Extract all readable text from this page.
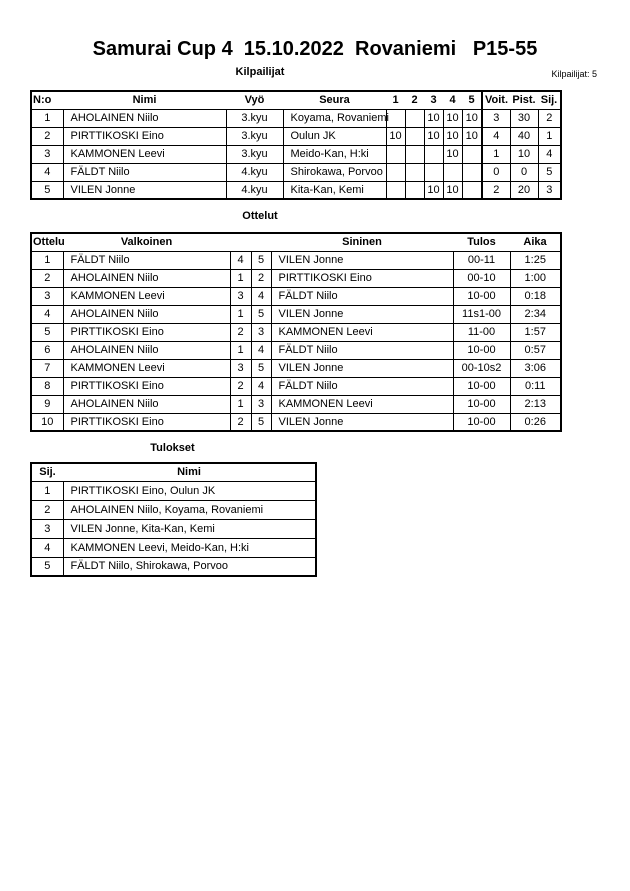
Samurai Cup 4  15.10.2022  Rovaniemi   P15-55
Kilpailijat	Kilpailijat: 5
N:o	Nimi	Vyö	Seura	1	2	3	4	5	Voit.	Pist.	Sij.
1	AHOLAINEN Niilo	3.kyu	Koyama, Rovaniemi			10	10	10	3	30	2
2	PIRTTIKOSKI Eino	3.kyu	Oulun JK	10		10	10	10	4	40	1
3	KAMMONEN Leevi	3.kyu	Meido-Kan, H:ki				10		1	10	4
4	FÄLDT Niilo	4.kyu	Shirokawa, Porvoo						0	0	5
5	VILEN Jonne	4.kyu	Kita-Kan, Kemi			10	10		2	20	3
Ottelut
Ottelu	Valkoinen			Sininen	Tulos	Aika
1	FÄLDT Niilo	4	5	VILEN Jonne	00-11	1:25
2	AHOLAINEN Niilo	1	2	PIRTTIKOSKI Eino	00-10	1:00
3	KAMMONEN Leevi	3	4	FÄLDT Niilo	10-00	0:18
4	AHOLAINEN Niilo	1	5	VILEN Jonne	11s1-00	2:34
5	PIRTTIKOSKI Eino	2	3	KAMMONEN Leevi	11-00	1:57
6	AHOLAINEN Niilo	1	4	FÄLDT Niilo	10-00	0:57
7	KAMMONEN Leevi	3	5	VILEN Jonne	00-10s2	3:06
8	PIRTTIKOSKI Eino	2	4	FÄLDT Niilo	10-00	0:11
9	AHOLAINEN Niilo	1	3	KAMMONEN Leevi	10-00	2:13
10	PIRTTIKOSKI Eino	2	5	VILEN Jonne	10-00	0:26
Tulokset
Sij.	Nimi
1	PIRTTIKOSKI Eino, Oulun JK
2	AHOLAINEN Niilo, Koyama, Rovaniemi
3	VILEN Jonne, Kita-Kan, Kemi
4	KAMMONEN Leevi, Meido-Kan, H:ki
5	FÄLDT Niilo, Shirokawa, Porvoo
